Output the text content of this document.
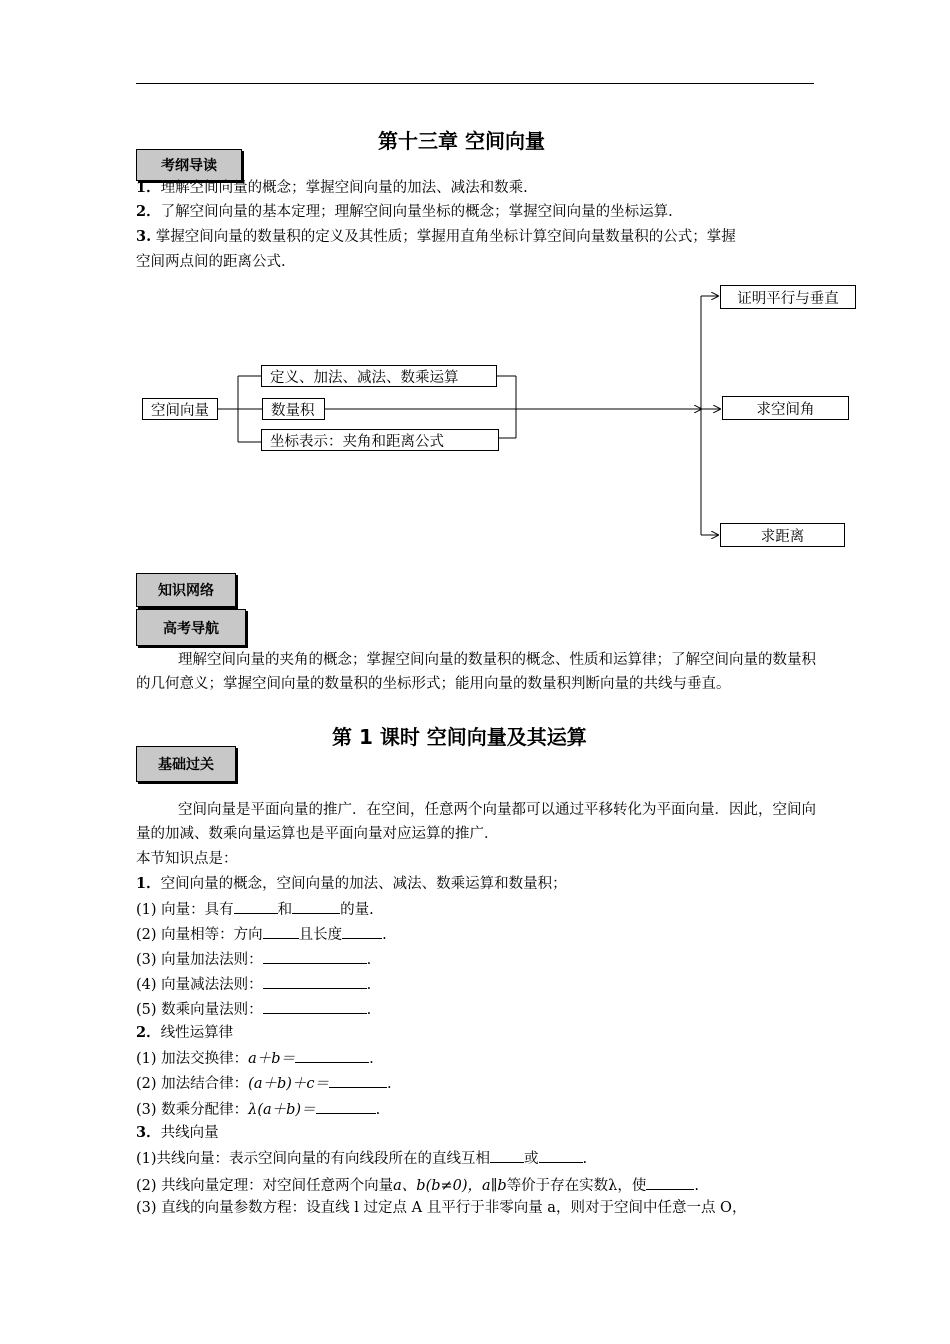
第十三章 空间向量
考纲导读
1．理解空间向量的概念；掌握空间向量的加法、减法和数乘.
2．了解空间向量的基本定理；理解空间向量坐标的概念；掌握空间向量的坐标运算.
3. 掌握空间向量的数量积的定义及其性质；掌握用直角坐标计算空间向量数量积的公式；掌握
空间两点间的距离公式.
空间向量
定义、加法、减法、数乘运算
数量积
坐标表示：夹角和距离公式
证明平行与垂直
求空间角
求距离
知识网络
高考导航
理解空间向量的夹角的概念；掌握空间向量的数量积的概念、性质和运算律；了解空间向量的数量积的几何意义；掌握空间向量的数量积的坐标形式；能用向量的数量积判断向量的共线与垂直。
第 1 课时 空间向量及其运算
基础过关
空间向量是平面向量的推广．在空间，任意两个向量都可以通过平移转化为平面向量．因此，空间向量的加减、数乘向量运算也是平面向量对应运算的推广．
本节知识点是：
1．空间向量的概念，空间向量的加法、减法、数乘运算和数量积；
(1) 向量：具有	和	的量.
(2) 向量相等：方向 且长度	.
(3) 向量加法法则：	.
(4) 向量减法法则：	.
(5) 数乘向量法则：	.
2．线性运算律
(1) 加法交换律：a＋b＝	.
(2) 加法结合律：(a＋b)＋c＝	.
(3) 数乘分配律：λ(a＋b)＝	.
3．共线向量
(1)共线向量：表示空间向量的有向线段所在的直线互相 或	.
(2) 共线向量定理：对空间任意两个向量a、b(b≠0)，a∥b等价于存在实数λ，使	.
(3) 直线的向量参数方程：设直线 l 过定点 A 且平行于非零向量 a，则对于空间中任意一点 O，
